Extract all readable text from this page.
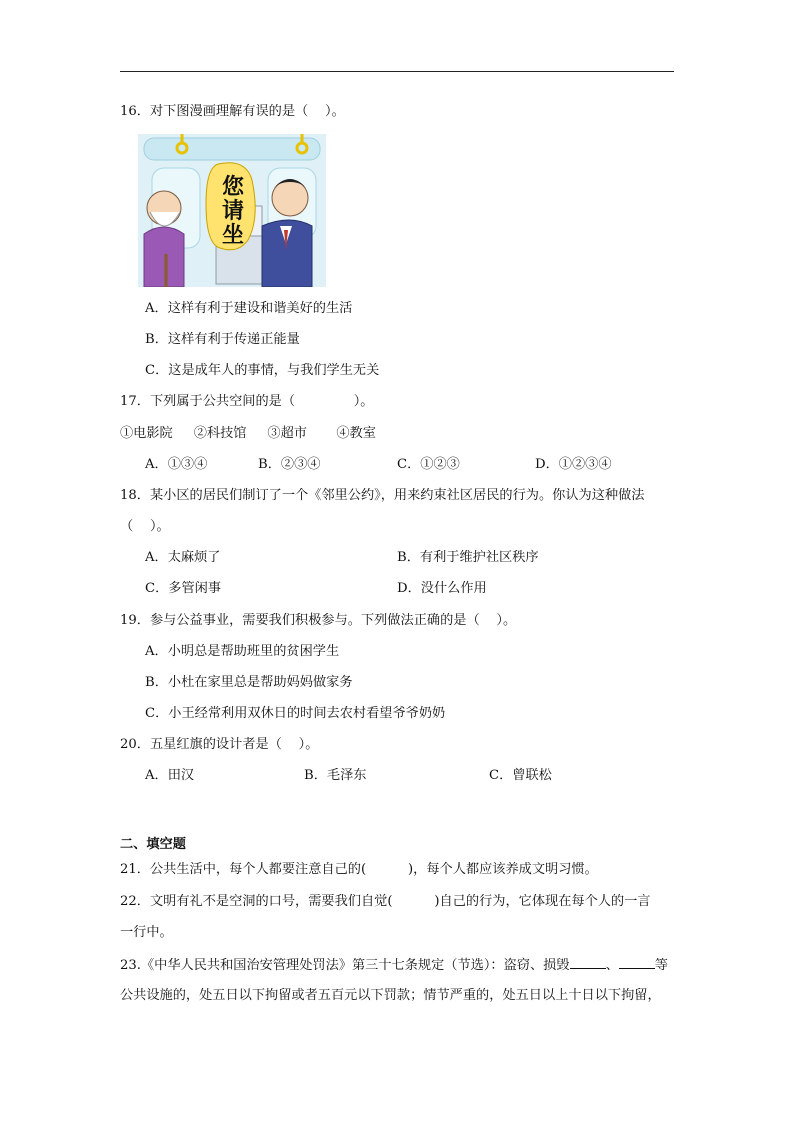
16．对下图漫画理解有误的是（    ）。
您
请
坐
A．这样有利于建设和谐美好的生活
B．这样有利于传递正能量
C．这是成年人的事情，与我们学生无关
17．下列属于公共空间的是（              ）。
①电影院     ②科技馆     ③超市       ④教室
A．①③④	B．②③④	C．①②③	D．①②③④
18．某小区的居民们制订了一个《邻里公约》，用来约束社区居民的行为。你认为这种做法
（    ）。
A．太麻烦了	B．有利于维护社区秩序
C．多管闲事	D．没什么作用
19．参与公益事业，需要我们积极参与。下列做法正确的是（    ）。
A．小明总是帮助班里的贫困学生
B．小杜在家里总是帮助妈妈做家务
C．小王经常利用双休日的时间去农村看望爷爷奶奶
20．五星红旗的设计者是（    ）。
A．田汉	B．毛泽东	C．曾联松
二、填空题
21．公共生活中，每个人都要注意自己的(          )，每个人都应该养成文明习惯。
22．文明有礼不是空洞的口号，需要我们自觉(          )自己的行为，它体现在每个人的一言
一行中。
23.《中华人民共和国治安管理处罚法》第三十七条规定（节选）：盗窃、损毁	、	等
公共设施的，处五日以下拘留或者五百元以下罚款；情节严重的，处五日以上十日以下拘留，
